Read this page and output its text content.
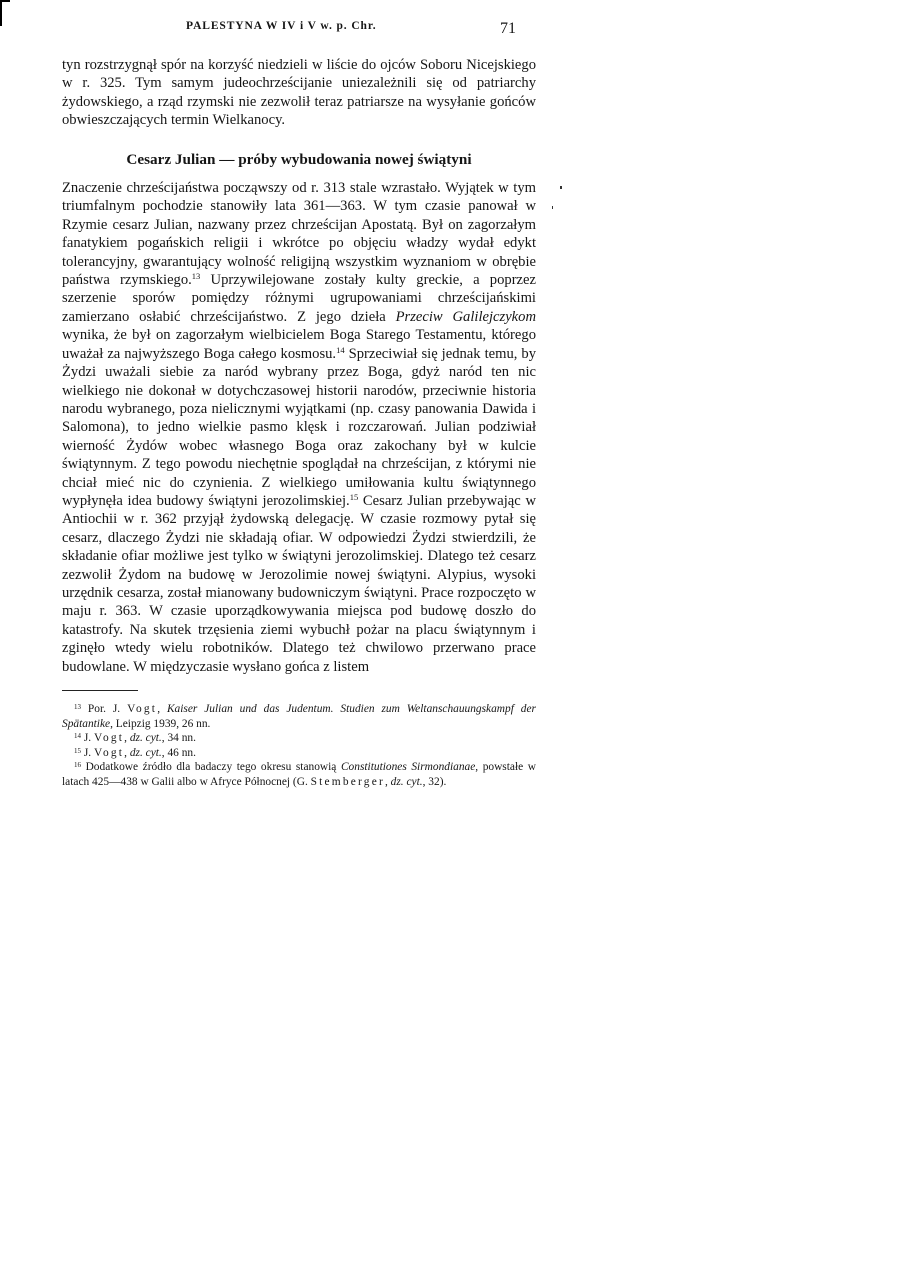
PALESTYNA W IV i V w. p. Chr.	71

tyn rozstrzygnął spór na korzyść niedzieli w liście do ojców Soboru Nicejskiego w r. 325. Tym samym judeochrześcijanie uniezależnili się od patriarchy żydowskiego, a rząd rzymski nie zezwolił teraz patriarsze na wysyłanie gońców obwieszczających termin Wielkanocy.

Cesarz Julian — próby wybudowania nowej świątyni

Znaczenie chrześcijaństwa począwszy od r. 313 stale wzrastało. Wyjątek w tym triumfalnym pochodzie stanowiły lata 361—363. W tym czasie panował w Rzymie cesarz Julian, nazwany przez chrześcijan Apostatą. Był on zagorzałym fanatykiem pogańskich religii i wkrótce po objęciu władzy wydał edykt tolerancyjny, gwarantujący wolność religijną wszystkim wyznaniom w obrębie państwa rzymskiego.$^{13}$ Uprzywilejowane zostały kulty greckie, a poprzez szerzenie sporów pomiędzy różnymi ugrupowaniami chrześcijańskimi zamierzano osłabić chrześcijaństwo. Z jego dzieła Przeciw Galilejczykom wynika, że był on zagorzałym wielbicielem Boga Starego Testamentu, którego uważał za najwyższego Boga całego kosmosu.$^{14}$ Sprzeciwiał się jednak temu, by Żydzi uważali siebie za naród wybrany przez Boga, gdyż naród ten nic wielkiego nie dokonał w dotychczasowej historii narodów, przeciwnie historia narodu wybranego, poza nielicznymi wyjątkami (np. czasy panowania Dawida i Salomona), to jedno wielkie pasmo klęsk i rozczarowań. Julian podziwiał wierność Żydów wobec własnego Boga oraz zakochany był w kulcie świątynnym. Z tego powodu niechętnie spoglądał na chrześcijan, z którymi nie chciał mieć nic do czynienia. Z wielkiego umiłowania kultu świątynnego wypłynęła idea budowy świątyni jerozolimskiej.$^{15}$ Cesarz Julian przebywając w Antiochii w r. 362 przyjął żydowską delegację. W czasie rozmowy pytał się cesarz, dlaczego Żydzi nie składają ofiar. W odpowiedzi Żydzi stwierdzili, że składanie ofiar możliwe jest tylko w świątyni jerozolimskiej. Dlatego też cesarz zezwolił Żydom na budowę w Jerozolimie nowej świątyni. Alypius, wysoki urzędnik cesarza, został mianowany budowniczym świątyni. Prace rozpoczęto w maju r. 363. W czasie uporządkowywania miejsca pod budowę doszło do katastrofy. Na skutek trzęsienia ziemi wybuchł pożar na placu świątynnym i zginęło wtedy wielu robotników. Dlatego też chwilowo przerwano prace budowlane. W międzyczasie wysłano gońca z listem

$^{13}$ Por. J. Vogt, Kaiser Julian und das Judentum. Studien zum Weltanschauungskampf der Spätantike, Leipzig 1939, 26 nn.

$^{14}$ J. Vogt, dz. cyt., 34 nn.

$^{15}$ J. Vogt, dz. cyt., 46 nn.

$^{16}$ Dodatkowe źródło dla badaczy tego okresu stanowią Constitutiones Sirmondianae, powstałe w latach 425—438 w Galii albo w Afryce Północnej (G. Stemberger, dz. cyt., 32).
